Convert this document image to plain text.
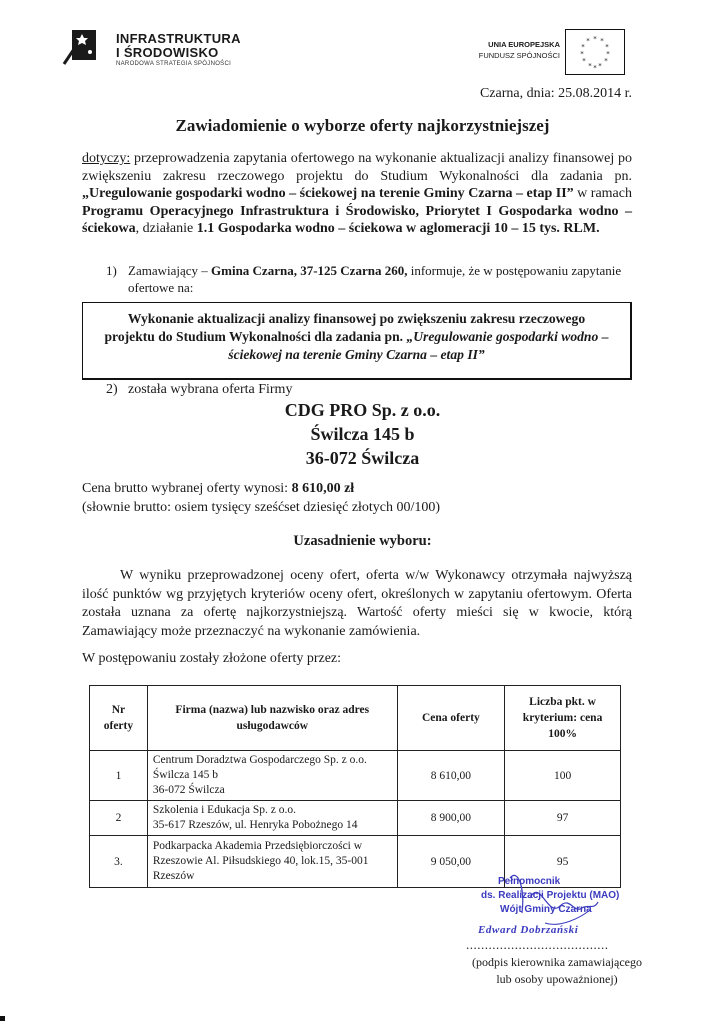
INFRASTRUKTURA
I ŚRODOWISKO
NARODOWA STRATEGIA SPÓJNOŚCI
UNIA EUROPEJSKA
FUNDUSZ SPÓJNOŚCI
* *
*
*
*
*
*
*
*
*
* *
Czarna, dnia: 25.08.2014 r.
Zawiadomienie o wyborze oferty najkorzystniejszej
dotyczy: przeprowadzenia zapytania ofertowego na wykonanie aktualizacji analizy finansowej po zwiększeniu zakresu rzeczowego projektu do Studium Wykonalności dla zadania pn. „Uregulowanie gospodarki wodno – ściekowej na terenie Gminy Czarna – etap II” w ramach Programu Operacyjnego Infrastruktura i Środowisko, Priorytet I Gospodarka wodno – ściekowa, działanie 1.1 Gospodarka wodno – ściekowa w aglomeracji 10 – 15 tys. RLM.
1) Zamawiający – Gmina Czarna, 37-125 Czarna 260, informuje, że w postępowaniu zapytanie
ofertowe na:
Wykonanie aktualizacji analizy finansowej po zwiększeniu zakresu rzeczowego
projektu do Studium Wykonalności dla zadania pn. „Uregulowanie gospodarki wodno –
ściekowej na terenie Gminy Czarna – etap II”
2) została wybrana oferta Firmy
CDG PRO Sp. z o.o.
Świlcza 145 b
36-072 Świlcza
Cena brutto wybranej oferty wynosi: 8 610,00 zł
(słownie brutto: osiem tysięcy sześćset dziesięć złotych 00/100)
Uzasadnienie wyboru:
W wyniku przeprowadzonej oceny ofert, oferta w/w Wykonawcy otrzymała najwyższą ilość punktów wg przyjętych kryteriów oceny ofert, określonych w zapytaniu ofertowym. Oferta została uznana za ofertę najkorzystniejszą. Wartość oferty mieści się w kwocie, którą Zamawiający może przeznaczyć na wykonanie zamówienia.
W postępowaniu zostały złożone oferty przez:
Nr oferty	Firma (nazwa) lub nazwisko oraz adres usługodawców	Cena oferty	Liczba pkt. w kryterium: cena 100%

1	Centrum Doradztwa Gospodarczego Sp. z o.o.
Świlcza 145 b
36-072 Świlcza	8 610,00	100
2	Szkolenia i Edukacja Sp. z o.o.
35-617 Rzeszów, ul. Henryka Pobożnego 14	8 900,00	97
3.	Podkarpacka Akademia Przedsiębiorczości w
Rzeszowie Al. Piłsudskiego 40, lok.15, 35-001
Rzeszów	9 050,00	95
Pełnomocnik
ds. Realizacji Projektu (MAO)
Wójt Gminy Czarna
Edward Dobrzański
......................................
(podpis kierownika zamawiającego
lub osoby upoważnionej)
